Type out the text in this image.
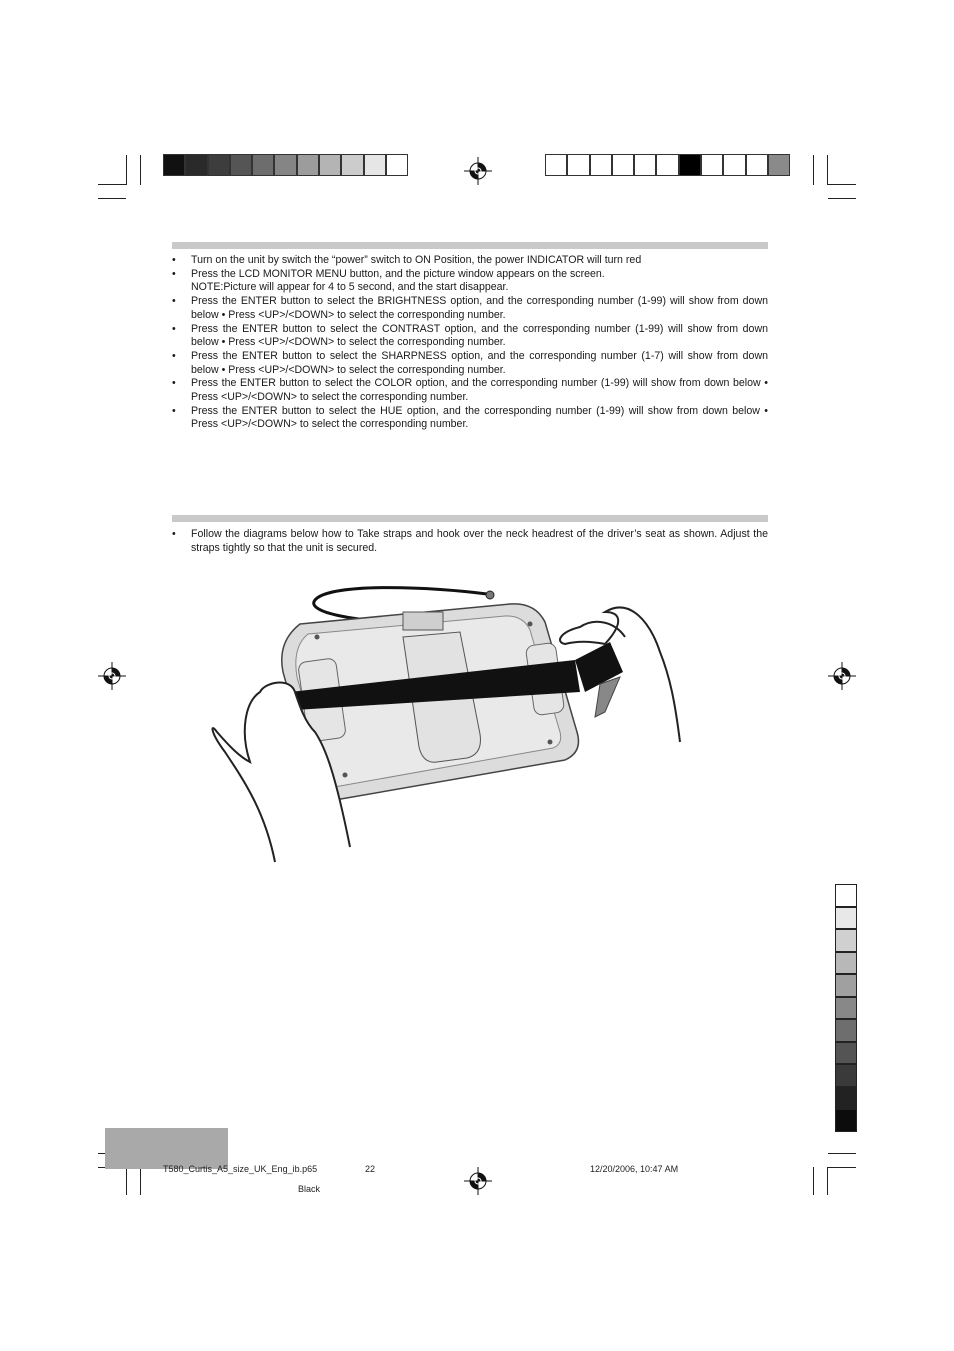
• Turn on the unit by switch the “power” switch to ON Position, the power INDICATOR will turn red
• Press the LCD MONITOR MENU button, and the picture window appears on the screen.
NOTE:Picture will appear for 4 to 5 second, and the start disappear.
• Press the ENTER button to select the BRIGHTNESS option, and the corresponding number (1-99) will show from down below • Press <UP>/<DOWN> to select the corresponding number.
• Press the ENTER button to select the CONTRAST option, and the corresponding number (1-99) will show from down below • Press <UP>/<DOWN> to select the corresponding number.
• Press the ENTER button to select the SHARPNESS option, and the corresponding number (1-7) will show from down below • Press <UP>/<DOWN> to select the corresponding number.
• Press the ENTER button to select the COLOR option, and the corresponding number (1-99) will show from down below • Press <UP>/<DOWN> to select the corresponding number.
• Press the ENTER button to select the HUE option, and the corresponding number (1-99) will show from down below • Press <UP>/<DOWN> to select the corresponding number.
• Follow the diagrams below how to Take straps and hook over the neck headrest of the driver’s seat as shown. Adjust the straps tightly so that the unit is secured.
T580_Curtis_A5_size_UK_Eng_ib.p65	22	12/20/2006, 10:47 AM
Black
